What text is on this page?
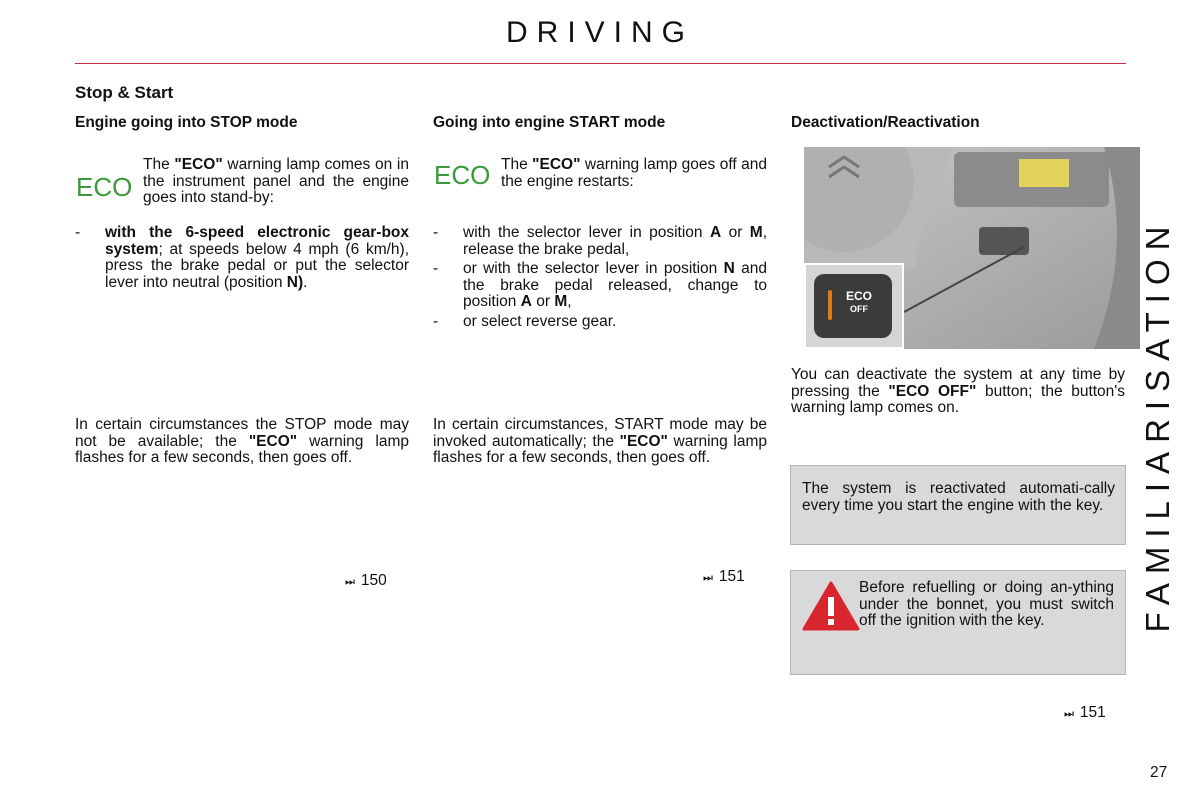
DRIVING
Stop & Start
Engine going into STOP mode
ECO
The "ECO" warning lamp comes on in the instrument panel and the engine goes into stand-by:
- with the 6-speed electronic gear-box system; at speeds below 4 mph (6 km/h), press the brake pedal or put the selector lever into neutral (position N).
In certain circumstances the STOP mode may not be available; the "ECO" warning lamp flashes for a few seconds, then goes off.
⏭ 150
Going into engine START mode
ECO The "ECO" warning lamp goes off and the engine restarts:
- with the selector lever in position A or M, release the brake pedal,
- or with the selector lever in position N and the brake pedal released, change to position A or M,
- or select reverse gear.
In certain circumstances, START mode may be invoked automatically; the "ECO" warning lamp flashes for a few seconds, then goes off.
⏭ 151
Deactivation/Reactivation
ECO
OFF
You can deactivate the system at any time by pressing the "ECO OFF" button; the button's warning lamp comes on.
The system is reactivated automati-cally every time you start the engine with the key.
Before refuelling or doing an-ything under the bonnet, you must switch off the ignition with the key.
⏭ 151
FAMILIARISATION
27
